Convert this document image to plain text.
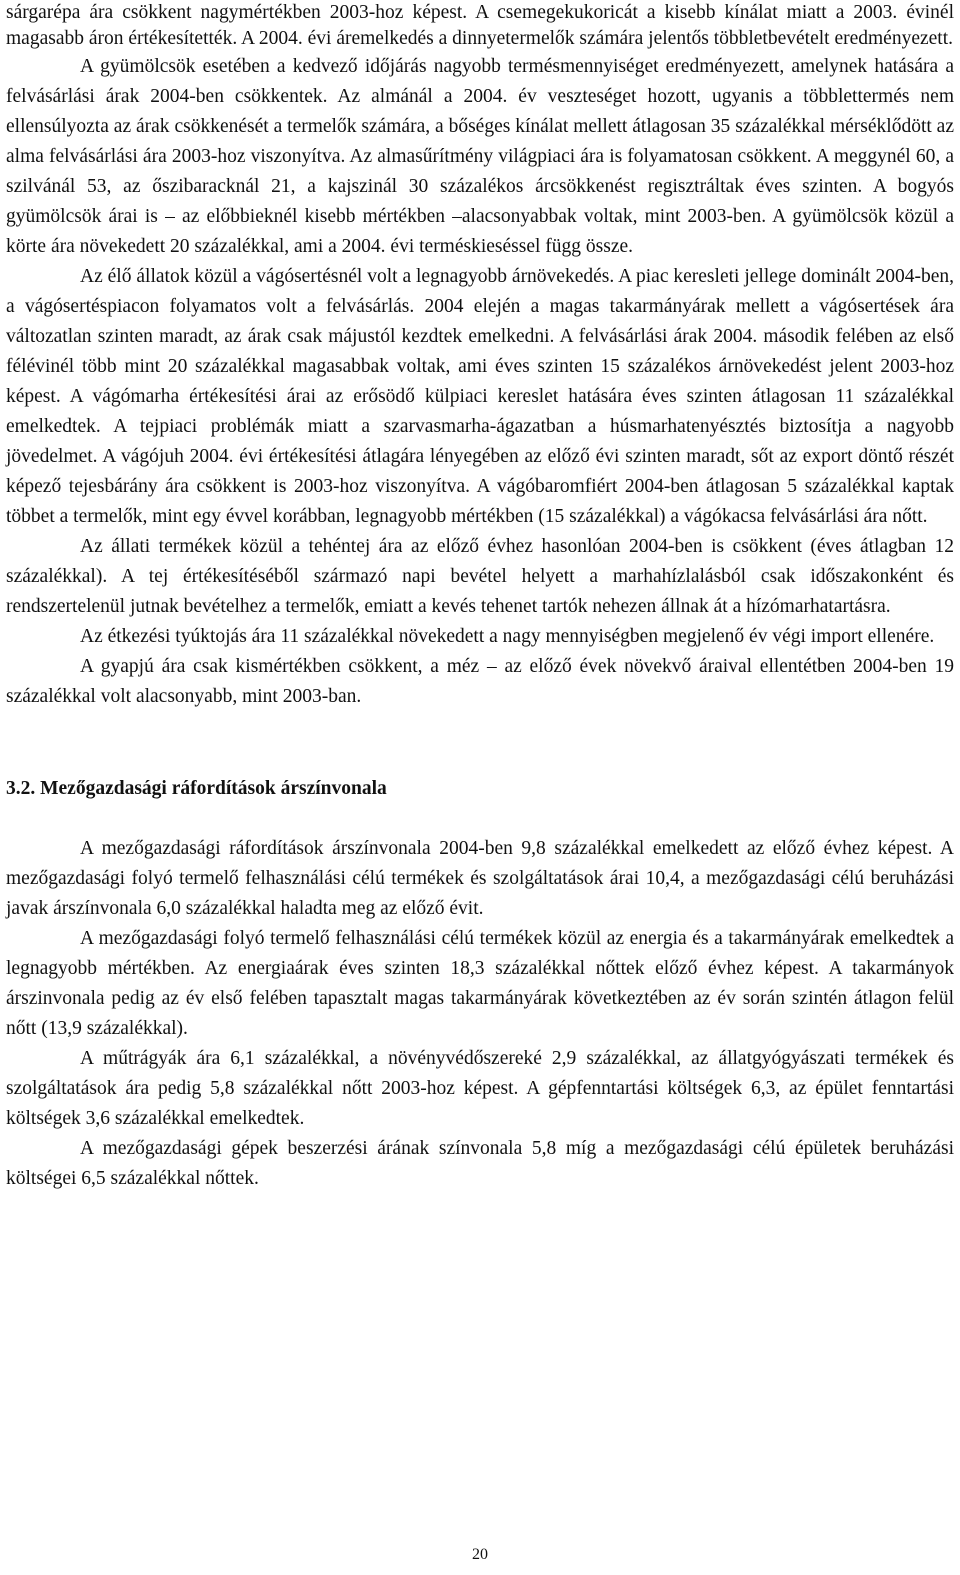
sárgarépa ára csökkent nagymértékben 2003-hoz képest. A csemegekukoricát a kisebb kínálat miatt a 2003. évinél magasabb áron értékesítették. A 2004. évi áremelkedés a dinnyetermelők számára jelentős többletbevételt eredményezett.

A gyümölcsök esetében a kedvező időjárás nagyobb termésmennyiséget eredményezett, amelynek hatására a felvásárlási árak 2004-ben csökkentek. Az almánál a 2004. év veszteséget hozott, ugyanis a többlettermés nem ellensúlyozta az árak csökkenését a termelők számára, a bőséges kínálat mellett átlagosan 35 százalékkal mérséklődött az alma felvásárlási ára 2003-hoz viszonyítva. Az almasűrítmény világpiaci ára is folyamatosan csökkent. A meggynél 60, a szilvánál 53, az őszibaracknál 21, a kajszinál 30 százalékos árcsökkenést regisztráltak éves szinten. A bogyós gyümölcsök árai is – az előbbieknél kisebb mértékben –alacsonyabbak voltak, mint 2003-ben. A gyümölcsök közül a körte ára növekedett 20 százalékkal, ami a 2004. évi terméskieséssel függ össze.

Az élő állatok közül a vágósertésnél volt a legnagyobb árnövekedés. A piac keresleti jellege dominált 2004-ben, a vágósertéspiacon folyamatos volt a felvásárlás. 2004 elején a magas takarmányárak mellett a vágósertések ára változatlan szinten maradt, az árak csak májustól kezdtek emelkedni. A felvásárlási árak 2004. második felében az első félévinél több mint 20 százalékkal magasabbak voltak, ami éves szinten 15 százalékos árnövekedést jelent 2003-hoz képest. A vágómarha értékesítési árai az erősödő külpiaci kereslet hatására éves szinten átlagosan 11 százalékkal emelkedtek. A tejpiaci problémák miatt a szarvasmarha-ágazatban a húsmarhatenyésztés biztosítja a nagyobb jövedelmet. A vágójuh 2004. évi értékesítési átlagára lényegében az előző évi szinten maradt, sőt az export döntő részét képező tejesbárány ára csökkent is 2003-hoz viszonyítva. A vágóbaromfiért 2004-ben átlagosan 5 százalékkal kaptak többet a termelők, mint egy évvel korábban, legnagyobb mértékben (15 százalékkal) a vágókacsa felvásárlási ára nőtt.

Az állati termékek közül a tehéntej ára az előző évhez hasonlóan 2004-ben is csökkent (éves átlagban 12 százalékkal). A tej értékesítéséből származó napi bevétel helyett a marhahízlalásból csak időszakonként és rendszertelenül jutnak bevételhez a termelők, emiatt a kevés tehenet tartók nehezen állnak át a hízómarhatartásra.

Az étkezési tyúktojás ára 11 százalékkal növekedett a nagy mennyiségben megjelenő év végi import ellenére.

A gyapjú ára csak kismértékben csökkent, a méz – az előző évek növekvő áraival ellentétben 2004-ben 19 százalékkal volt alacsonyabb, mint 2003-ban.

3.2. Mezőgazdasági ráfordítások árszínvonala

A mezőgazdasági ráfordítások árszínvonala 2004-ben 9,8 százalékkal emelkedett az előző évhez képest. A mezőgazdasági folyó termelő felhasználási célú termékek és szolgáltatások árai 10,4, a mezőgazdasági célú beruházási javak árszínvonala 6,0 százalékkal haladta meg az előző évit.

A mezőgazdasági folyó termelő felhasználási célú termékek közül az energia és a takarmányárak emelkedtek a legnagyobb mértékben. Az energiaárak éves szinten 18,3 százalékkal nőttek előző évhez képest. A takarmányok árszinvonala pedig az év első felében tapasztalt magas takarmányárak következtében az év során szintén átlagon felül nőtt (13,9 százalékkal).

A műtrágyák ára 6,1 százalékkal, a növényvédőszereké 2,9 százalékkal, az állatgyógyászati termékek és szolgáltatások ára pedig 5,8 százalékkal nőtt 2003-hoz képest. A gépfenntartási költségek 6,3, az épület fenntartási költségek 3,6 százalékkal emelkedtek.

A mezőgazdasági gépek beszerzési árának színvonala 5,8 míg a mezőgazdasági célú épületek beruházási költségei 6,5 százalékkal nőttek.

20
